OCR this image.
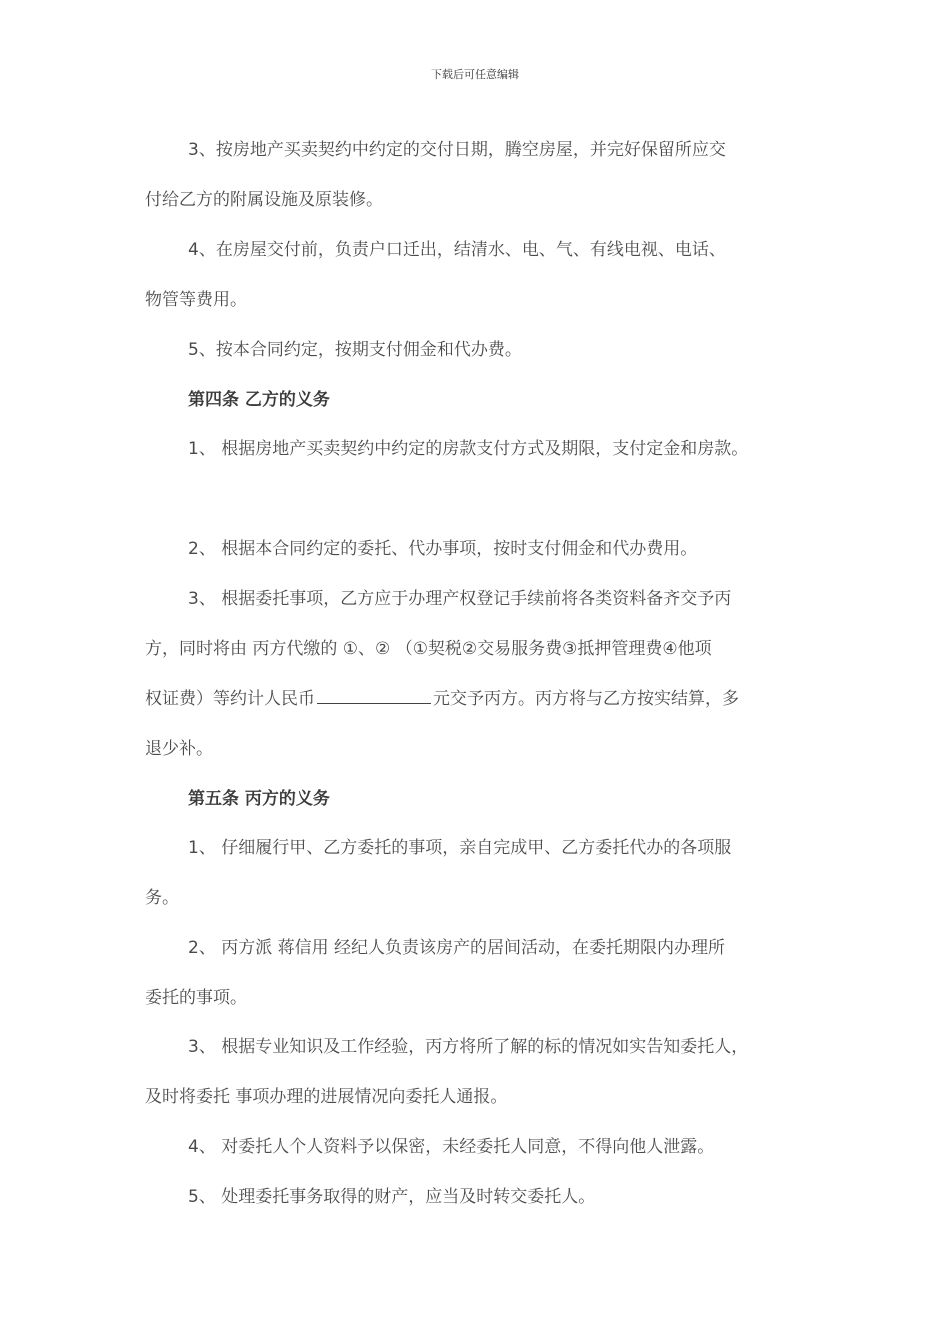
下载后可任意编辑
3、按房地产买卖契约中约定的交付日期，腾空房屋，并完好保留所应交
付给乙方的附属设施及原装修。
4、在房屋交付前，负责户口迁出，结清水、电、气、有线电视、电话、
物管等费用。
5、按本合同约定，按期支付佣金和代办费。
第四条 乙方的义务
1、 根据房地产买卖契约中约定的房款支付方式及期限，支付定金和房款。
2、 根据本合同约定的委托、代办事项，按时支付佣金和代办费用。
3、 根据委托事项，乙方应于办理产权登记手续前将各类资料备齐交予丙
方，同时将由 丙方代缴的 ①、② （①契税②交易服务费③抵押管理费④他项
权证费）等约计人民币	元交予丙方。丙方将与乙方按实结算，多
退少补。
第五条 丙方的义务
1、 仔细履行甲、乙方委托的事项，亲自完成甲、乙方委托代办的各项服
务。
2、 丙方派 蒋信用 经纪人负责该房产的居间活动，在委托期限内办理所
委托的事项。
3、 根据专业知识及工作经验，丙方将所了解的标的情况如实告知委托人，
及时将委托 事项办理的进展情况向委托人通报。
4、 对委托人个人资料予以保密，未经委托人同意，不得向他人泄露。
5、 处理委托事务取得的财产，应当及时转交委托人。
